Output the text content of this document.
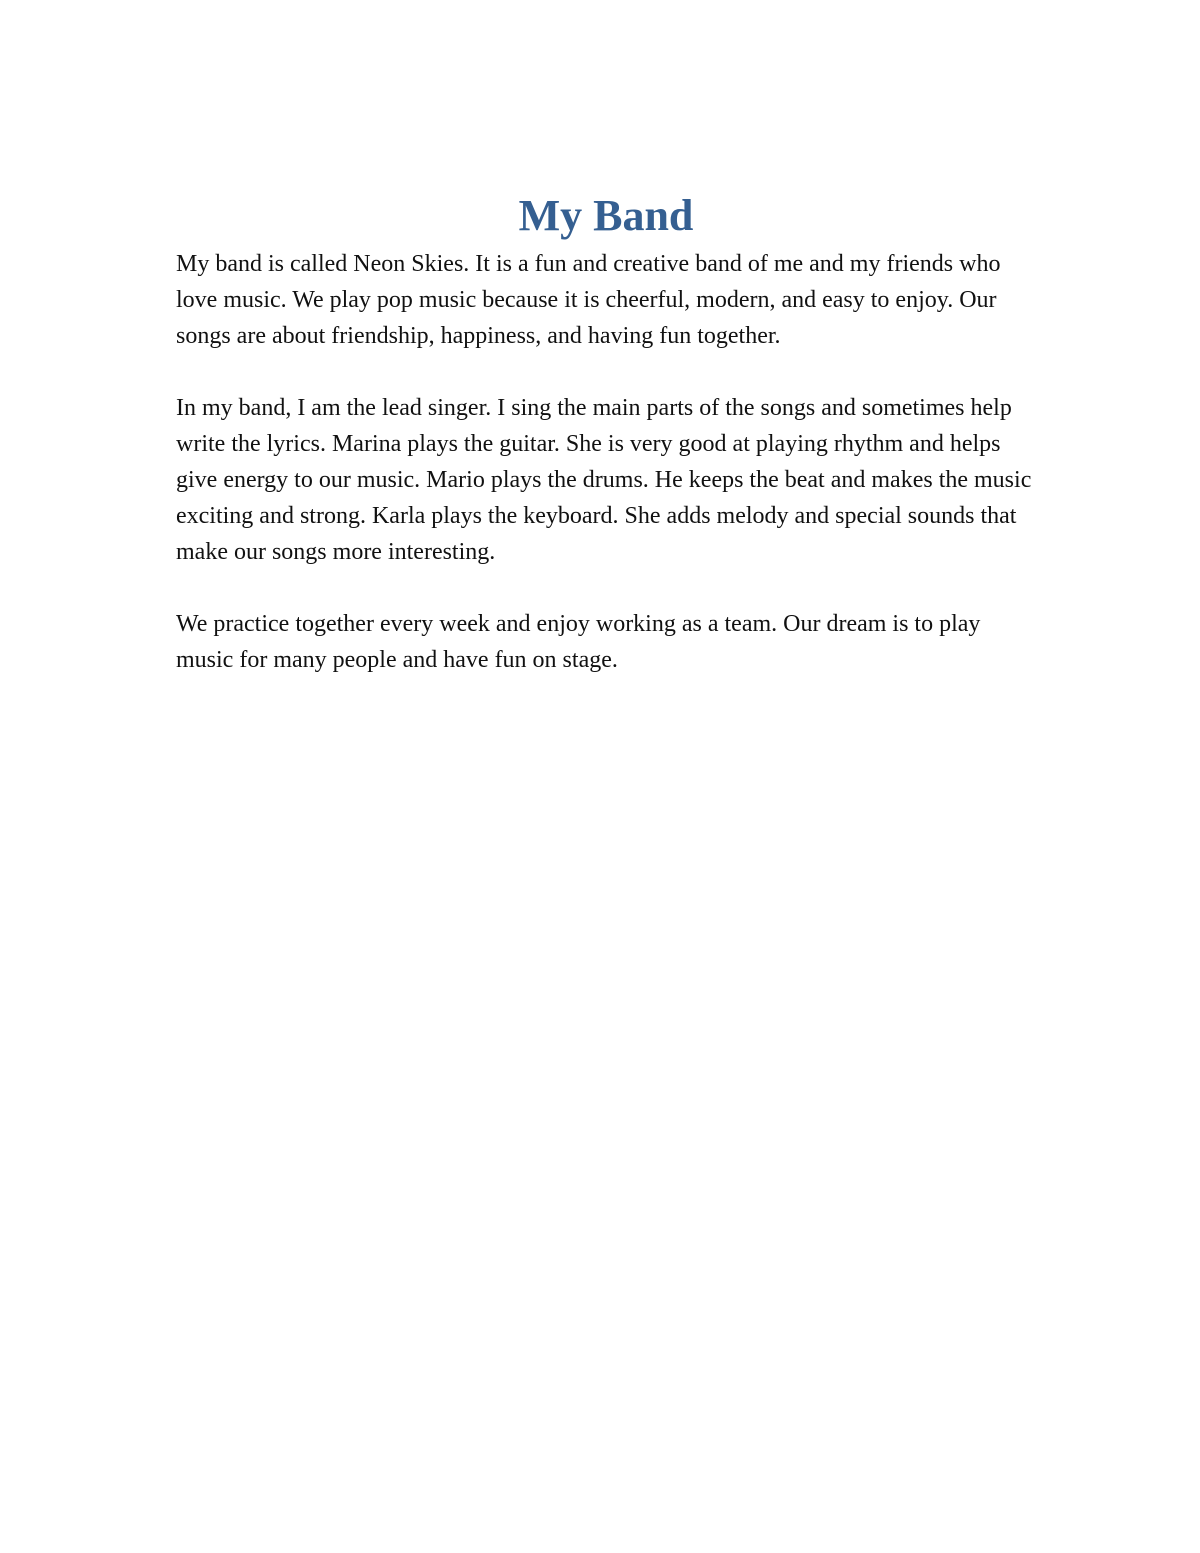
My Band

My band is called Neon Skies. It is a fun and creative band of me and my friends who love music. We play pop music because it is cheerful, modern, and easy to enjoy. Our songs are about friendship, happiness, and having fun together.

In my band, I am the lead singer. I sing the main parts of the songs and sometimes help write the lyrics. Marina plays the guitar. She is very good at playing rhythm and helps give energy to our music. Mario plays the drums. He keeps the beat and makes the music exciting and strong. Karla plays the keyboard. She adds melody and special sounds that make our songs more interesting.

We practice together every week and enjoy working as a team. Our dream is to play music for many people and have fun on stage.
